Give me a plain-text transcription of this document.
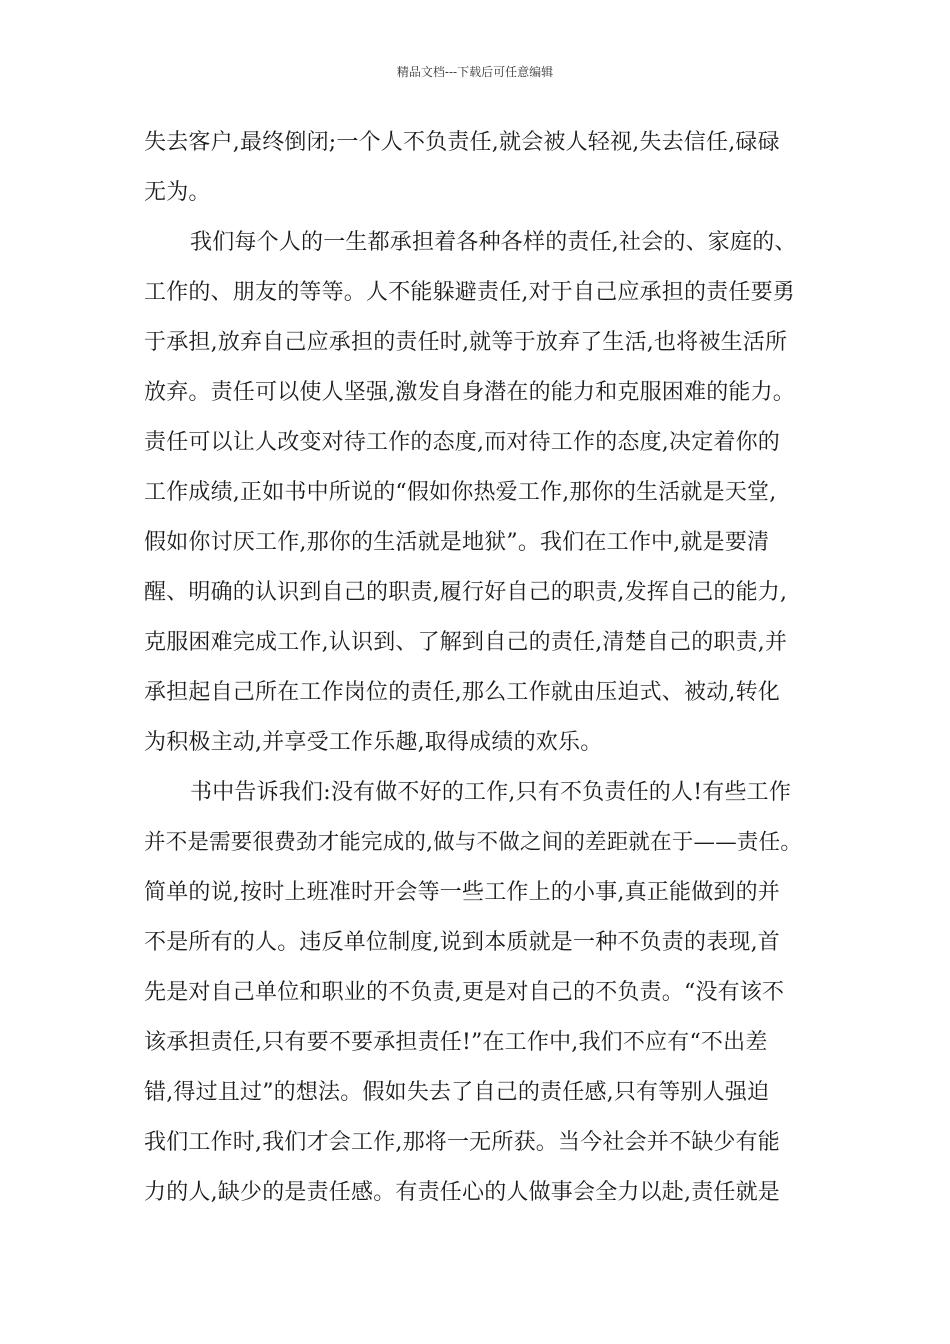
精品文档---下载后可任意编辑
失去客户,最终倒闭;一个人不负责任,就会被人轻视,失去信任,碌碌
无为。
我们每个人的一生都承担着各种各样的责任,社会的、家庭的、
工作的、朋友的等等。人不能躲避责任,对于自己应承担的责任要勇
于承担,放弃自己应承担的责任时,就等于放弃了生活,也将被生活所
放弃。责任可以使人坚强,激发自身潜在的能力和克服困难的能力。
责任可以让人改变对待工作的态度,而对待工作的态度,决定着你的
工作成绩,正如书中所说的“假如你热爱工作,那你的生活就是天堂,
假如你讨厌工作,那你的生活就是地狱”。我们在工作中,就是要清
醒、明确的认识到自己的职责,履行好自己的职责,发挥自己的能力,
克服困难完成工作,认识到、了解到自己的责任,清楚自己的职责,并
承担起自己所在工作岗位的责任,那么工作就由压迫式、被动,转化
为积极主动,并享受工作乐趣,取得成绩的欢乐。
书中告诉我们:没有做不好的工作,只有不负责任的人!有些工作
并不是需要很费劲才能完成的,做与不做之间的差距就在于——责任。
简单的说,按时上班准时开会等一些工作上的小事,真正能做到的并
不是所有的人。违反单位制度,说到本质就是一种不负责的表现,首
先是对自己单位和职业的不负责,更是对自己的不负责。“没有该不
该承担责任,只有要不要承担责任!”在工作中,我们不应有“不出差
错,得过且过”的想法。假如失去了自己的责任感,只有等别人强迫
我们工作时,我们才会工作,那将一无所获。当今社会并不缺少有能
力的人,缺少的是责任感。有责任心的人做事会全力以赴,责任就是
